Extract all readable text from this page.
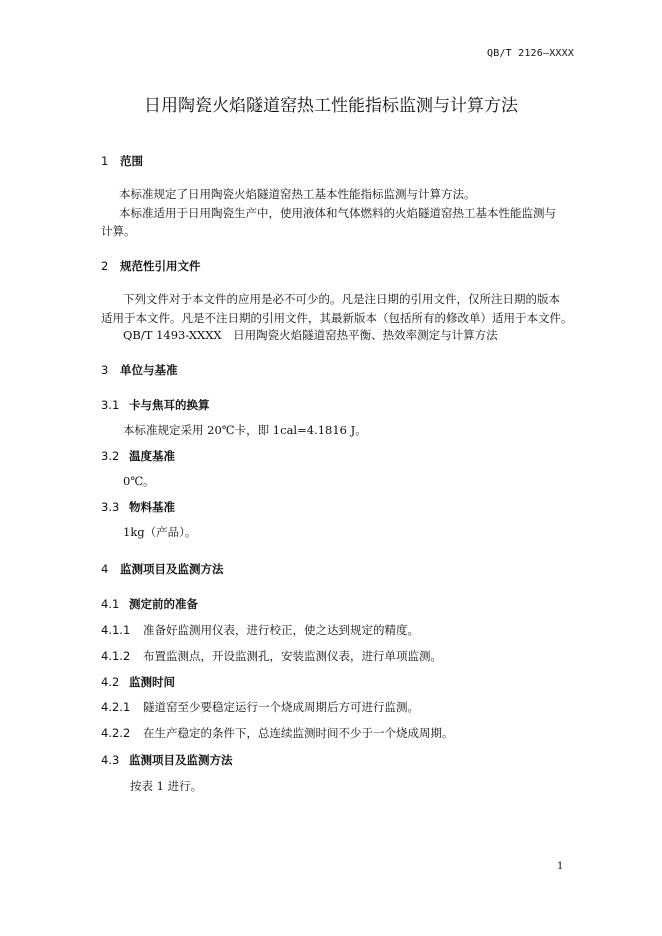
QB/T 2126—XXXX
日用陶瓷火焰隧道窑热工性能指标监测与计算方法
1 范围
本标准规定了日用陶瓷火焰隧道窑热工基本性能指标监测与计算方法。
本标准适用于日用陶瓷生产中，使用液体和气体燃料的火焰隧道窑热工基本性能监测与
计算。
2 规范性引用文件
下列文件对于本文件的应用是必不可少的。凡是注日期的引用文件，仅所注日期的版本
适用于本文件。凡是不注日期的引用文件，其最新版本（包括所有的修改单）适用于本文件。
QB/T 1493-XXXX　日用陶瓷火焰隧道窑热平衡、热效率测定与计算方法
3 单位与基准
3.1 卡与焦耳的换算
本标准规定采用 20℃卡，即 1cal=4.1816 J。
3.2 温度基准
0℃。
3.3 物料基准
1kg（产品）。
4 监测项目及监测方法
4.1 测定前的准备
4.1.1 准备好监测用仪表，进行校正，使之达到规定的精度。
4.1.2 布置监测点，开设监测孔，安装监测仪表，进行单项监测。
4.2 监测时间
4.2.1 隧道窑至少要稳定运行一个烧成周期后方可进行监测。
4.2.2 在生产稳定的条件下，总连续监测时间不少于一个烧成周期。
4.3 监测项目及监测方法
按表 1 进行。
1
